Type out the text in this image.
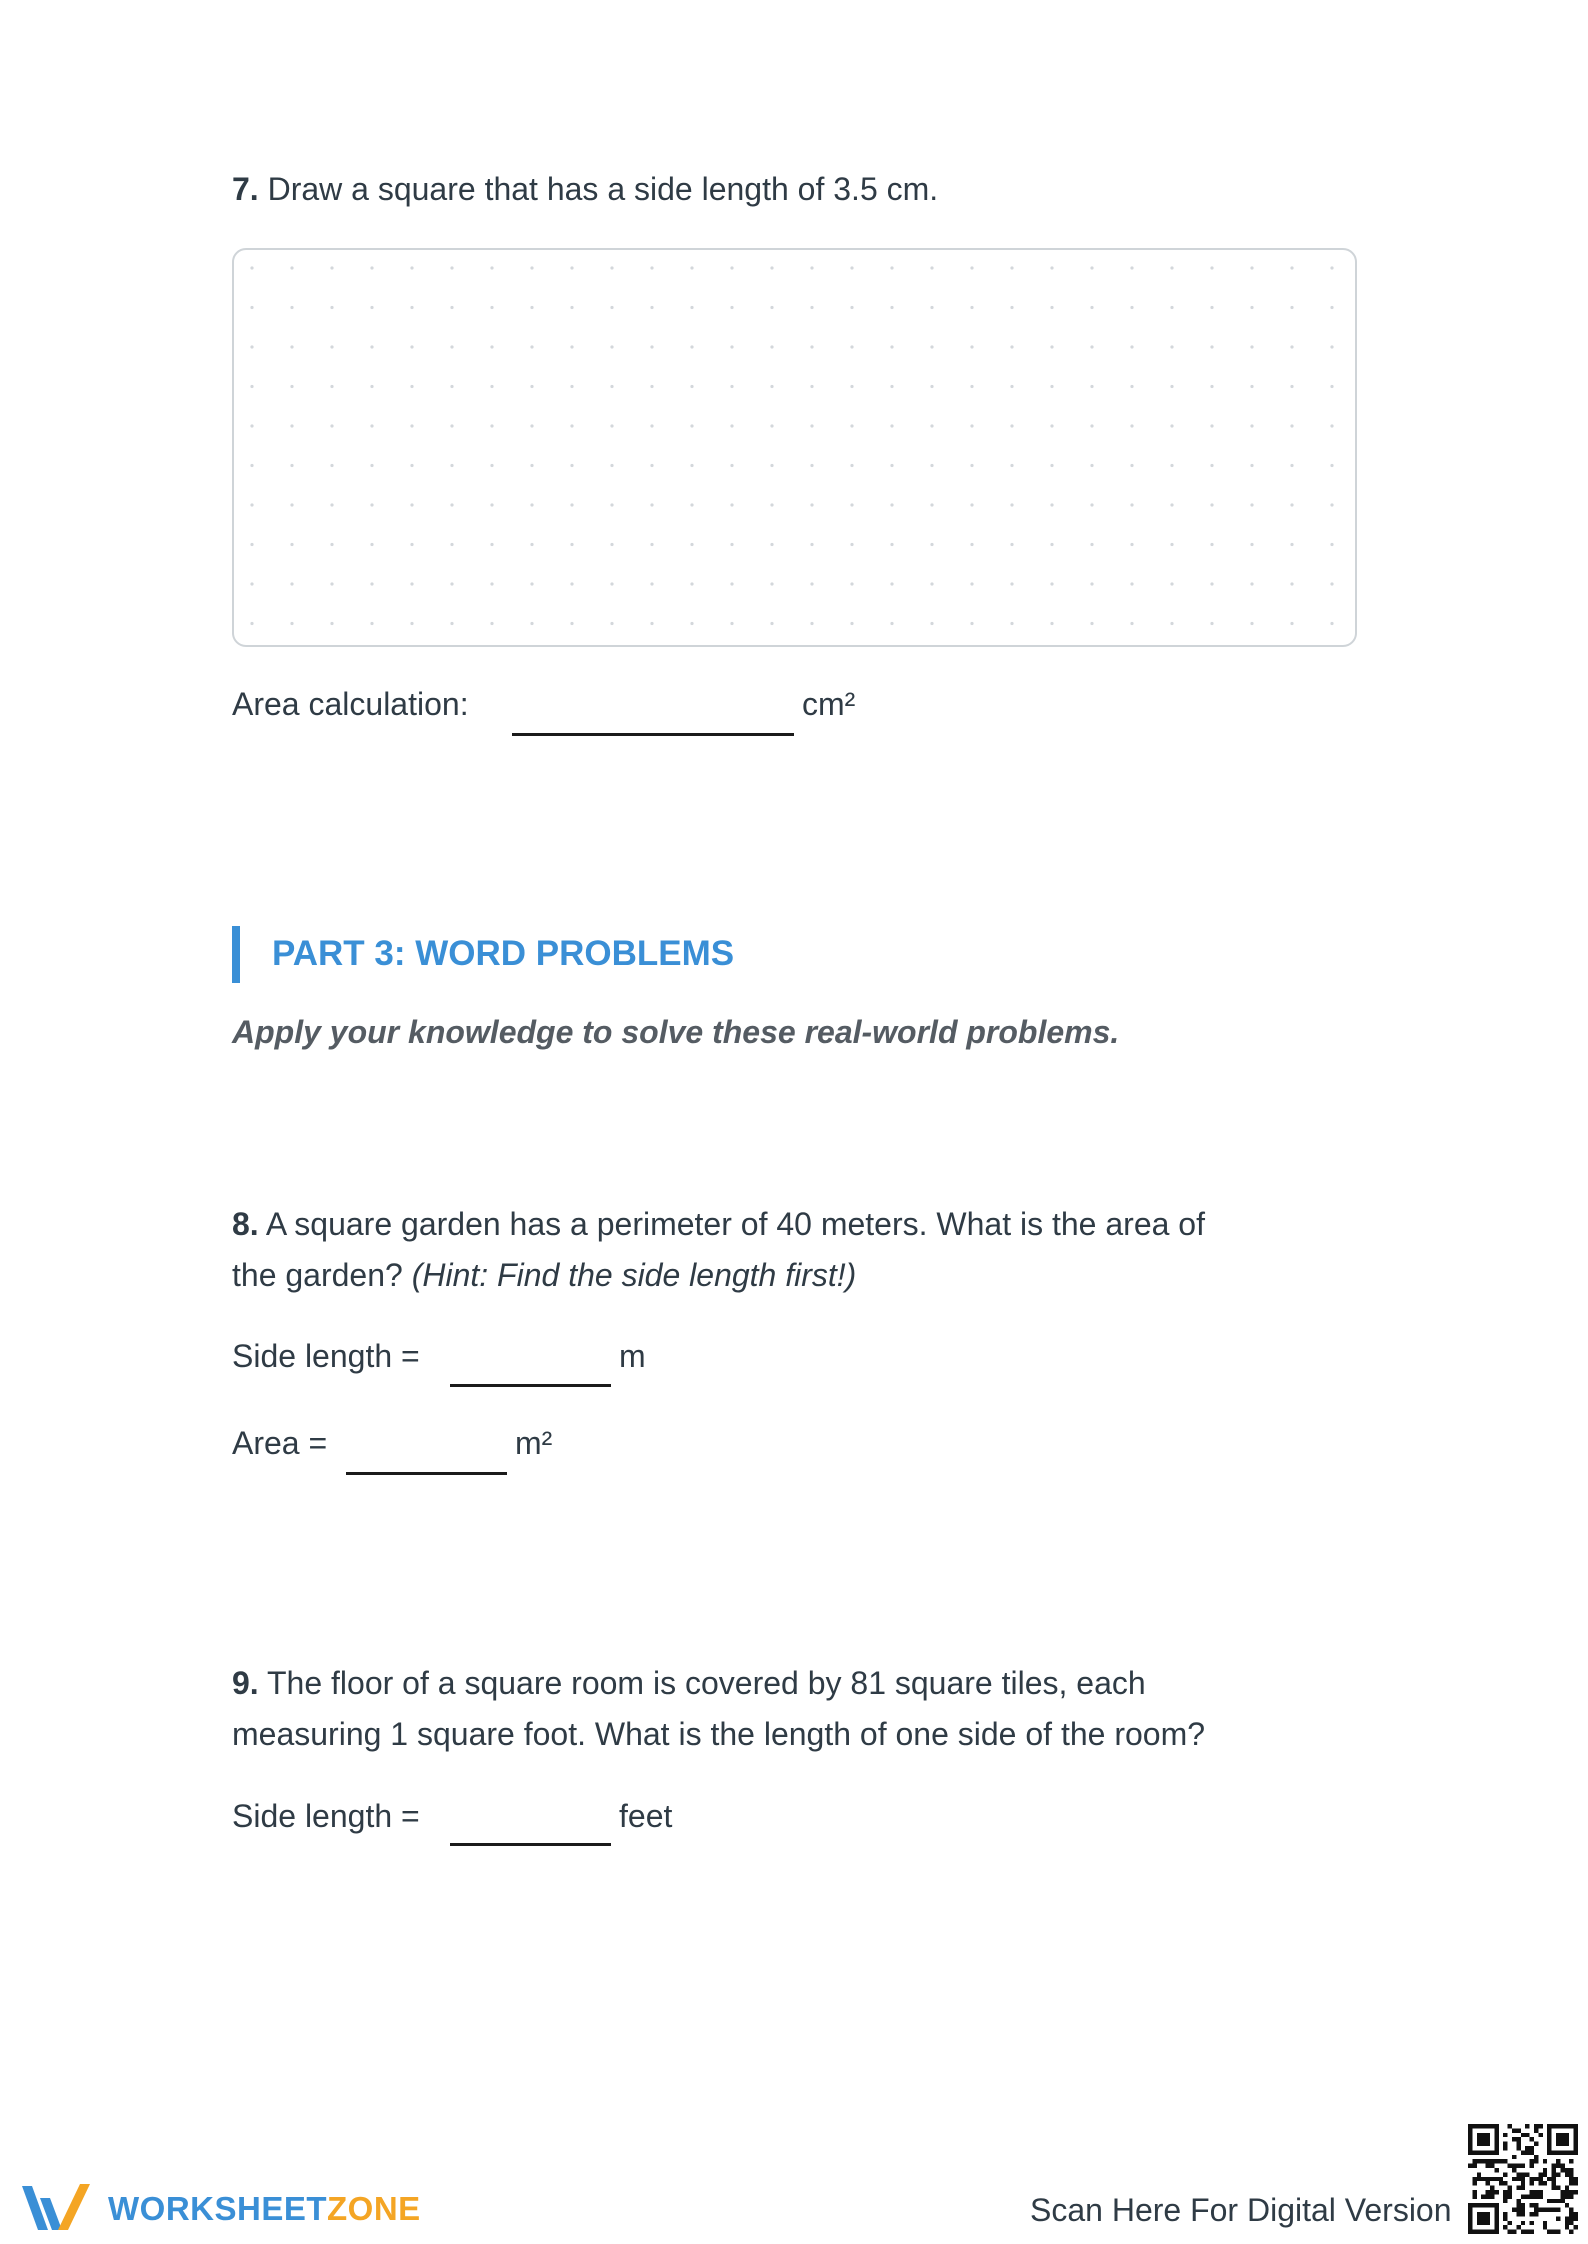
7. Draw a square that has a side length of 3.5 cm.
Area calculation:	cm²
PART 3: WORD PROBLEMS
Apply your knowledge to solve these real-world problems.
8. A square garden has a perimeter of 40 meters. What is the area of
the garden? (Hint: Find the side length first!)
Side length =	m
Area =	m²
9. The floor of a square room is covered by 81 square tiles, each
measuring 1 square foot. What is the length of one side of the room?
Side length =	feet
WORKSHEETZONE	Scan Here For Digital Version
